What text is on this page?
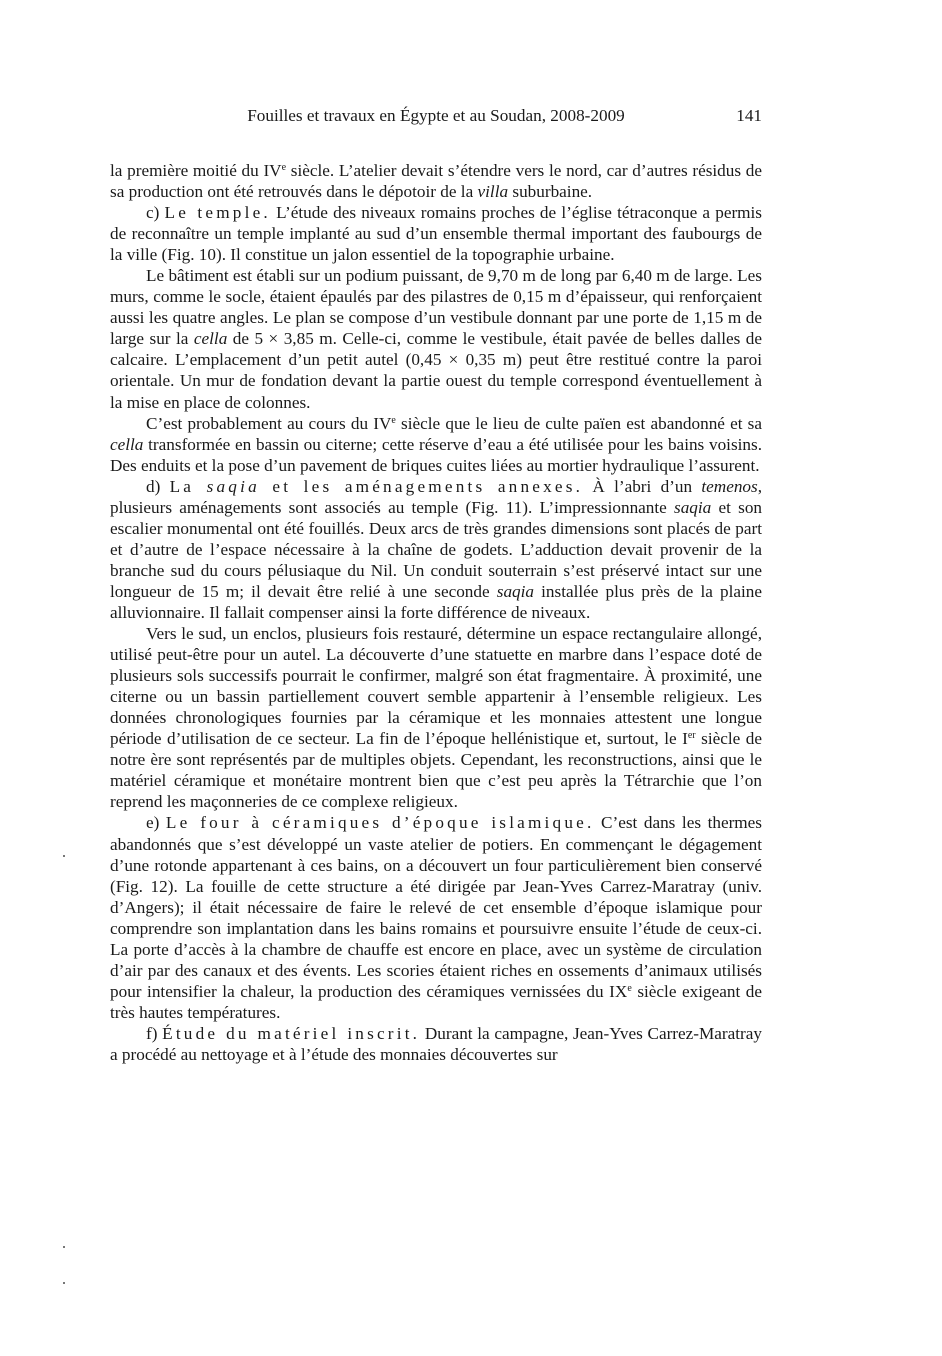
Fouilles et travaux en Égypte et au Soudan, 2008-2009	141

la première moitié du IVe siècle. L’atelier devait s’étendre vers le nord, car d’autres résidus de sa production ont été retrouvés dans le dépotoir de la villa suburbaine.

c) Le temple. L’étude des niveaux romains proches de l’église tétraconque a permis de reconnaître un temple implanté au sud d’un ensemble thermal important des faubourgs de la ville (Fig. 10). Il constitue un jalon essentiel de la topographie urbaine.

Le bâtiment est établi sur un podium puissant, de 9,70 m de long par 6,40 m de large. Les murs, comme le socle, étaient épaulés par des pilastres de 0,15 m d’épaisseur, qui renforçaient aussi les quatre angles. Le plan se compose d’un vestibule donnant par une porte de 1,15 m de large sur la cella de 5 × 3,85 m. Celle-ci, comme le vestibule, était pavée de belles dalles de calcaire. L’emplacement d’un petit autel (0,45 × 0,35 m) peut être restitué contre la paroi orientale. Un mur de fondation devant la partie ouest du temple correspond éventuellement à la mise en place de colonnes.

C’est probablement au cours du IVe siècle que le lieu de culte païen est abandonné et sa cella transformée en bassin ou citerne; cette réserve d’eau a été utilisée pour les bains voisins. Des enduits et la pose d’un pavement de briques cuites liées au mortier hydraulique l’assurent.

d) La saqia et les aménagements annexes. À l’abri d’un temenos, plusieurs aménagements sont associés au temple (Fig. 11). L’impressionnante saqia et son escalier monumental ont été fouillés. Deux arcs de très grandes dimensions sont placés de part et d’autre de l’espace nécessaire à la chaîne de godets. L’adduction devait provenir de la branche sud du cours pélusiaque du Nil. Un conduit souterrain s’est préservé intact sur une longueur de 15 m; il devait être relié à une seconde saqia installée plus près de la plaine alluvionnaire. Il fallait compenser ainsi la forte différence de niveaux.

Vers le sud, un enclos, plusieurs fois restauré, détermine un espace rectangulaire allongé, utilisé peut-être pour un autel. La découverte d’une statuette en marbre dans l’espace doté de plusieurs sols successifs pourrait le confirmer, malgré son état fragmentaire. À proximité, une citerne ou un bassin partiellement couvert semble appartenir à l’ensemble religieux. Les données chronologiques fournies par la céramique et les monnaies attestent une longue période d’utilisation de ce secteur. La fin de l’époque hellénistique et, surtout, le Ier siècle de notre ère sont représentés par de multiples objets. Cependant, les reconstructions, ainsi que le matériel céramique et monétaire montrent bien que c’est peu après la Tétrarchie que l’on reprend les maçonneries de ce complexe religieux.

e) Le four à céramiques d’époque islamique. C’est dans les thermes abandonnés que s’est développé un vaste atelier de potiers. En commençant le dégagement d’une rotonde appartenant à ces bains, on a découvert un four particulièrement bien conservé (Fig. 12). La fouille de cette structure a été dirigée par Jean-Yves Carrez-Maratray (univ. d’Angers); il était nécessaire de faire le relevé de cet ensemble d’époque islamique pour comprendre son implantation dans les bains romains et poursuivre ensuite l’étude de ceux-ci. La porte d’accès à la chambre de chauffe est encore en place, avec un système de circulation d’air par des canaux et des évents. Les scories étaient riches en ossements d’animaux utilisés pour intensifier la chaleur, la production des céramiques vernissées du IXe siècle exigeant de très hautes températures.

f) Étude du matériel inscrit. Durant la campagne, Jean-Yves Carrez-Maratray a procédé au nettoyage et à l’étude des monnaies découvertes sur
